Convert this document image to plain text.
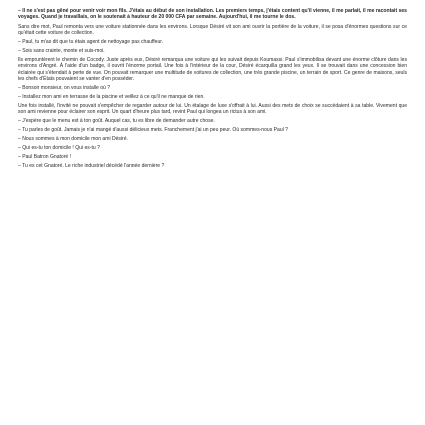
– Il ne s'est pas gêné pour venir voir mon fils. J'étais au début de son installation. Les premiers temps, j'étais content qu'il vienne, il me parlait, il me racontait ses voyages. Quand je travaillais, on le soutenait à hauteur de 20 000 CFA par semaine. Aujourd'hui, il me tourne le dos.

Sans dire mot, Paul remonta vers une voiture stationnée dans les environs. Lorsque Désiré vit son ami ouvrir la portière de la voiture, il se posa d'énormes questions sur ce qu'était cette voiture de collection.

– Paul, tu m'as dit que tu étais agent de nettoyage pas chauffeur.

– Sois sans crainte, monte et suis-moi.

Ils empruntèrent le chemin de Cocody. Juste après eux, Désiré remarqua une voiture qui les suivait depuis Koumassi. Paul s'immobilisa devant une énorme clôture dans les environs d'Angré. À l'aide d'un badge, il ouvrit l'énorme portail. Une fois à l'intérieur de la cour, Désiré écarquilla grand les yeux. Il se trouvait dans une concession bien éclairée qui s'étendait à perte de vue. On pouvait remarquer une multitude de voitures de collection, une très grande piscine, un terrain de sport. Ce genre de maisons, seuls les chefs d'États pouvaient se vanter d'en posséder.

– Bonsoir monsieur, on vous installe où ?

– Installez mon ami en terrasse de la piscine et veillez à ce qu'il ne manque de rien.

Une fois installé, l'invité ne pouvait s'empêcher de regarder autour de lui. Un étalage de luxe s'offrait à lui. Aussi des mets de choix se succédaient à sa table. Vivement que son ami revienne pour éclairer son esprit. Un quart d'heure plus tard, revint Paul qui longea un rictus à son ami.

– J'espère que le menu est à ton goût. Auquel cas, tu es libre de demander autre chose.

– Tu parles de goût. Jamais je n'ai mangé d'aussi délicieux mets. Franchement j'ai un peu peur. Où sommes-nous Paul ?

– Nous sommes à mon domicile mon ami Désiré.

– Qui es-tu ton domicile ! Qui es-tu ?

– Paul Batron Gnatoré !

– Tu es cet Gnatoré. Le riche industriel décédé l'année dernière ?
